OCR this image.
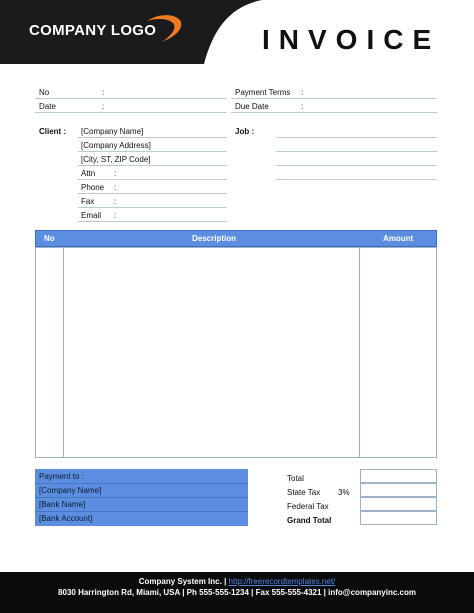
COMPANY LOGO	INVOICE
No	:
Date	:
Payment Terms :
Due Date	:
Client : [Company Name]
[Company Address]
[City, ST, ZIP Code]
Attn :
Phone :
Fax :
Email :
Job :
No	Description	Amount
Payment to :
[Company Name]
[Bank Name]
[Bank Account]
Total
State Tax 3%
Federal Tax
Grand Total
Company System Inc. | http://freerecordtemplates.net/
8030 Harrington Rd, Miami, USA | Ph 555-555-1234 | Fax 555-555-4321 | info@companyinc.com
